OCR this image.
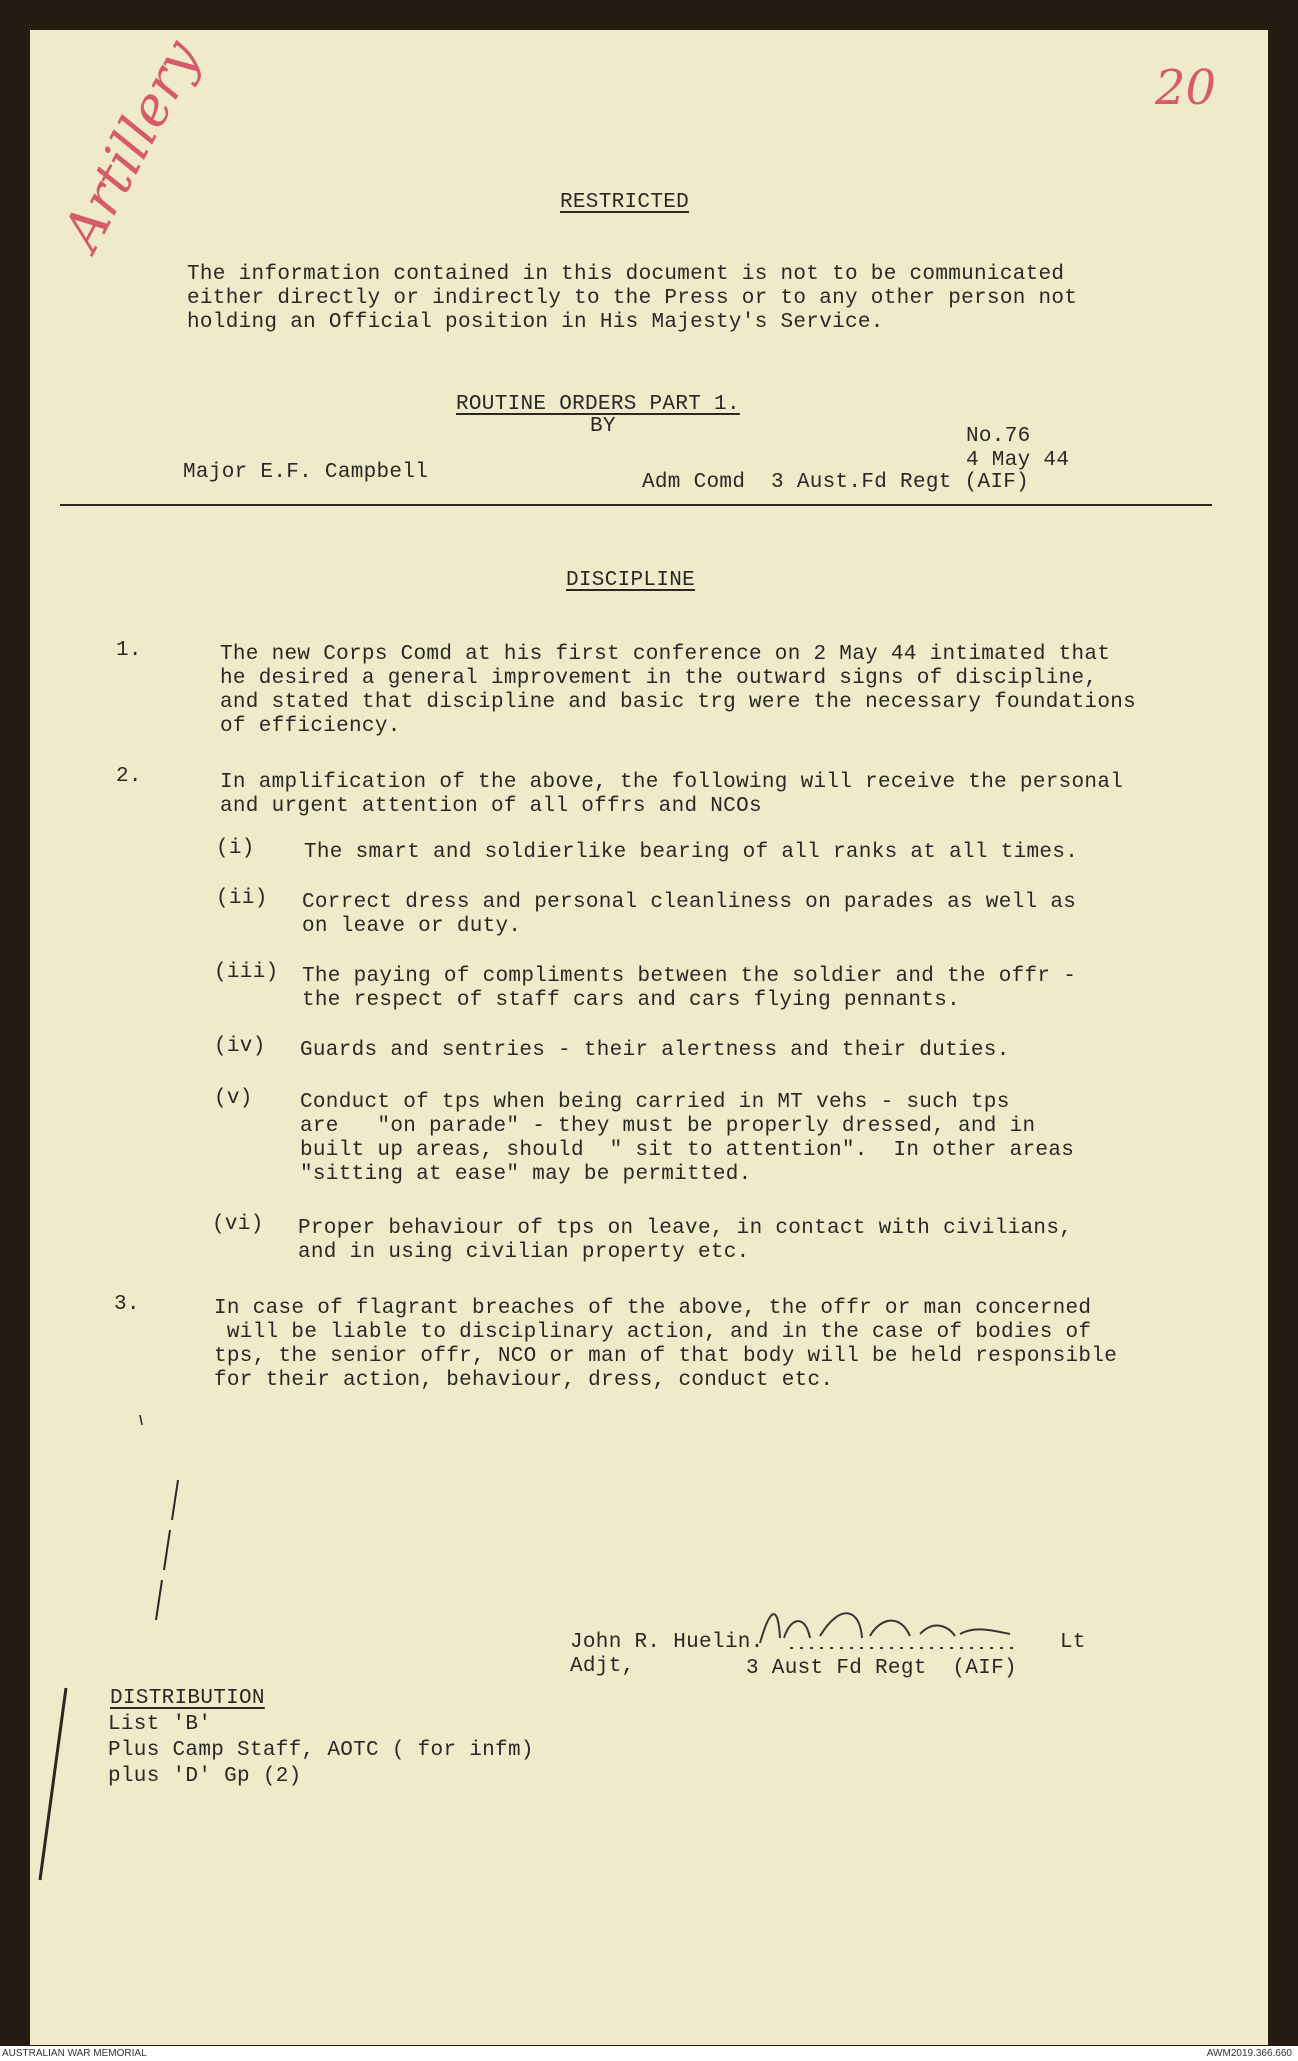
Artillery	20
RESTRICTED
The information contained in this document is not to be communicated
either directly or indirectly to the Press or to any other person not
holding an Official position in His Majesty's Service.
ROUTINE ORDERS PART 1.
BY	No.76
4 May 44
Major E.F. Campbell	Adm Comd  3 Aust.Fd Regt (AIF)
DISCIPLINE
1.	The new Corps Comd at his first conference on 2 May 44 intimated that
he desired a general improvement in the outward signs of discipline,
and stated that discipline and basic trg were the necessary foundations
of efficiency.
2.	In amplification of the above, the following will receive the personal
and urgent attention of all offrs and NCOs
(i) The smart and soldierlike bearing of all ranks at all times.
(ii) Correct dress and personal cleanliness on parades as well as
on leave or duty.
(iii) The paying of compliments between the soldier and the offr -
the respect of staff cars and cars flying pennants.
(iv) Guards and sentries - their alertness and their duties.
(v) Conduct of tps when being carried in MT vehs - such tps
are   "on parade" - they must be properly dressed, and in
built up areas, should  " sit to attention".  In other areas
"sitting at ease" may be permitted.
(vi) Proper behaviour of tps on leave, in contact with civilians,
and in using civilian property etc.
3.	In case of flagrant breaches of the above, the offr or man concerned
will be liable to disciplinary action, and in the case of bodies of
tps, the senior offr, NCO or man of that body will be held responsible
for their action, behaviour, dress, conduct etc.
John R. Huelin.	Lt
Adjt,	3 Aust Fd Regt  (AIF)
DISTRIBUTION
List 'B'
Plus Camp Staff, AOTC ( for infm)
plus 'D' Gp (2)
AUSTRALIAN WAR MEMORIAL	AWM2019.366.660
